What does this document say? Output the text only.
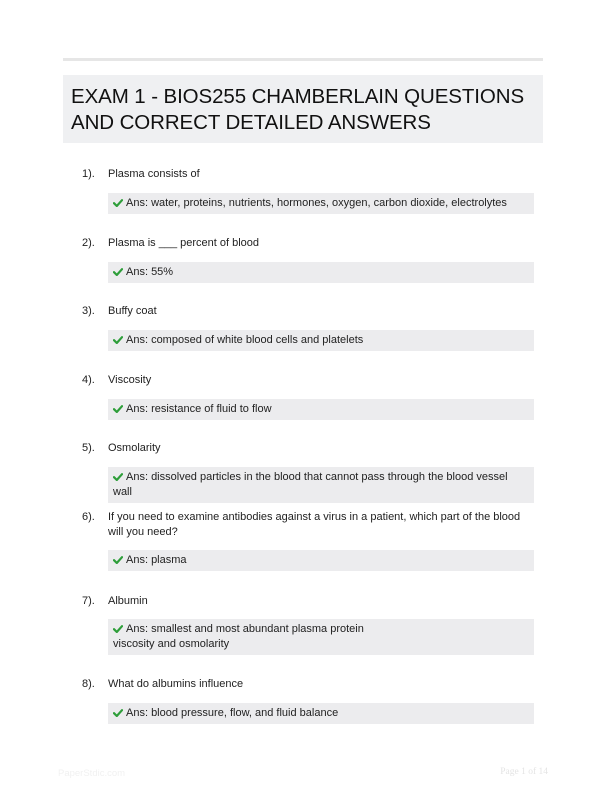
EXAM 1 - BIOS255 CHAMBERLAIN QUESTIONS AND CORRECT DETAILED ANSWERS
1). Plasma consists of
Ans: water, proteins, nutrients, hormones, oxygen, carbon dioxide, electrolytes
2). Plasma is ___ percent of blood
Ans: 55%
3). Buffy coat
Ans: composed of white blood cells and platelets
4). Viscosity
Ans: resistance of fluid to flow
5). Osmolarity
Ans: dissolved particles in the blood that cannot pass through the blood vessel wall
6). If you need to examine antibodies against a virus in a patient, which part of the blood will you need?
Ans: plasma
7). Albumin
Ans: smallest and most abundant plasma protein
viscosity and osmolarity
8). What do albumins influence
Ans: blood pressure, flow, and fluid balance
PaperStdic.com	Page 1 of 14
